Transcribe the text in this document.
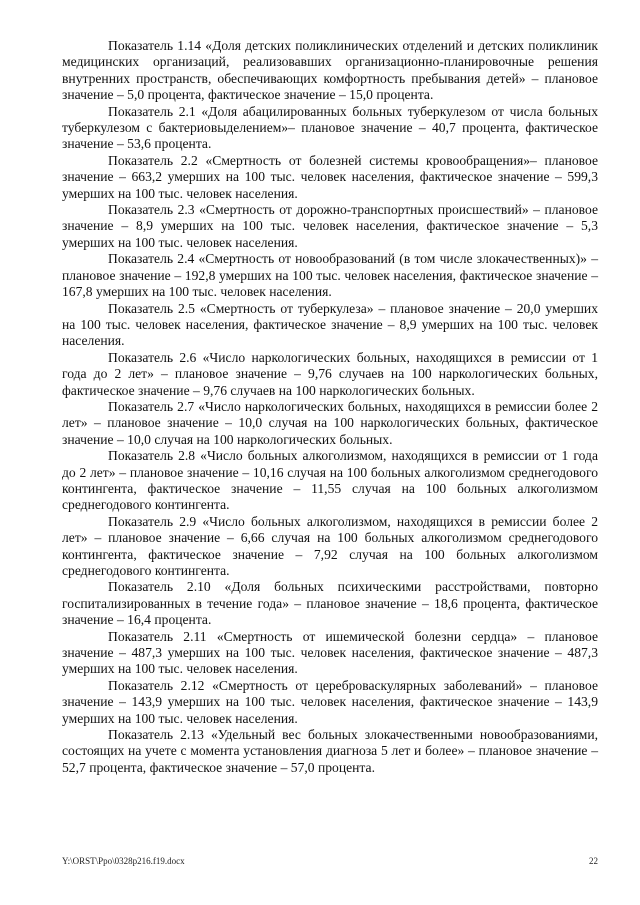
Показатель 1.14 «Доля детских поликлинических отделений и детских поликлиник медицинских организаций, реализовавших организационно-планировочные решения внутренних пространств, обеспечивающих комфортность пребывания детей» – плановое значение – 5,0 процента, фактическое значение – 15,0 процента.

Показатель 2.1 «Доля абацилированных больных туберкулезом от числа больных туберкулезом с бактериовыделением»– плановое значение – 40,7 процента, фактическое значение – 53,6 процента.

Показатель 2.2 «Смертность от болезней системы кровообращения»– плановое значение – 663,2 умерших на 100 тыс. человек населения, фактическое значение – 599,3 умерших на 100 тыс. человек населения.

Показатель 2.3 «Смертность от дорожно-транспортных происшествий» – плановое значение – 8,9 умерших на 100 тыс. человек населения, фактическое значение – 5,3 умерших на 100 тыс. человек населения.

Показатель 2.4 «Смертность от новообразований (в том числе злокачественных)» – плановое значение – 192,8 умерших на 100 тыс. человек населения, фактическое значение – 167,8 умерших на 100 тыс. человек населения.

Показатель 2.5 «Смертность от туберкулеза» – плановое значение – 20,0 умерших на 100 тыс. человек населения, фактическое значение – 8,9 умерших на 100 тыс. человек населения.

Показатель 2.6 «Число наркологических больных, находящихся в ремиссии от 1 года до 2 лет» – плановое значение – 9,76 случаев на 100 наркологических больных, фактическое значение – 9,76 случаев на 100 наркологических больных.

Показатель 2.7 «Число наркологических больных, находящихся в ремиссии более 2 лет» – плановое значение – 10,0 случая на 100 наркологических больных, фактическое значение – 10,0 случая на 100 наркологических больных.

Показатель 2.8 «Число больных алкоголизмом, находящихся в ремиссии от 1 года до 2 лет» – плановое значение – 10,16 случая на 100 больных алкоголизмом среднегодового контингента, фактическое значение – 11,55 случая на 100 больных алкоголизмом среднегодового контингента.

Показатель 2.9 «Число больных алкоголизмом, находящихся в ремиссии более 2 лет» – плановое значение – 6,66 случая на 100 больных алкоголизмом среднегодового контингента, фактическое значение – 7,92 случая на 100 больных алкоголизмом среднегодового контингента.

Показатель 2.10 «Доля больных психическими расстройствами, повторно госпитализированных в течение года» – плановое значение – 18,6 процента, фактическое значение – 16,4 процента.

Показатель 2.11 «Смертность от ишемической болезни сердца» – плановое значение – 487,3 умерших на 100 тыс. человек населения, фактическое значение – 487,3 умерших на 100 тыс. человек населения.

Показатель 2.12 «Смертность от цереброваскулярных заболеваний» – плановое значение – 143,9 умерших на 100 тыс. человек населения, фактическое значение – 143,9 умерших на 100 тыс. человек населения.

Показатель 2.13 «Удельный вес больных злокачественными новообразованиями, состоящих на учете с момента установления диагноза 5 лет и более» – плановое значение – 52,7 процента, фактическое значение – 57,0 процента.

Y:\ORST\Ppo\0328p216.f19.docx	22
